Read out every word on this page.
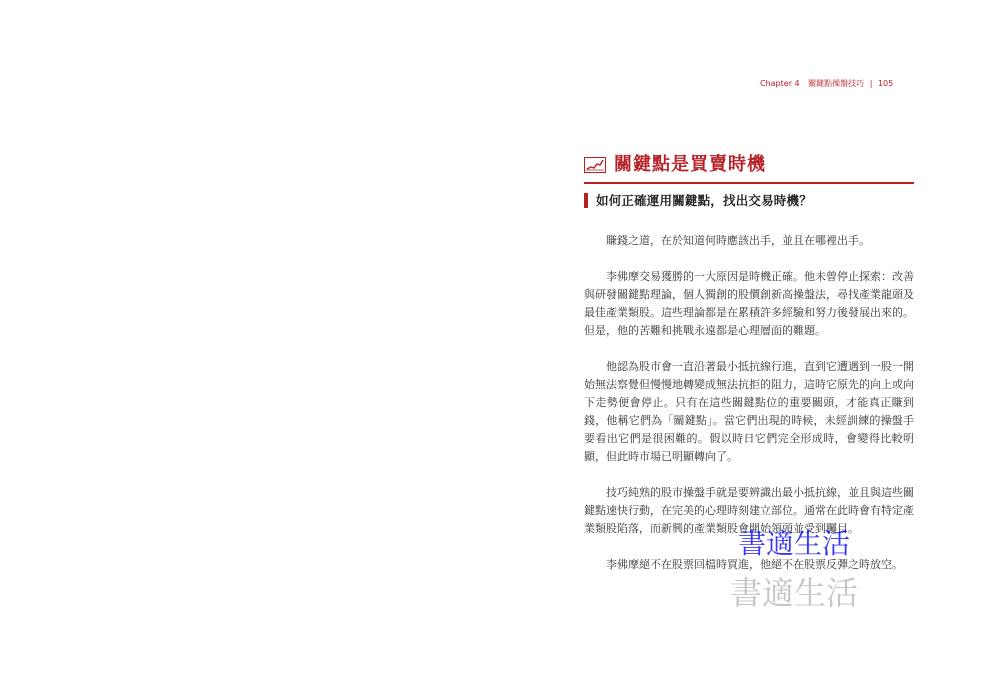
Chapter 4 關鍵點操盤技巧 | 105
關鍵點是買賣時機
如何正確運用關鍵點，找出交易時機？

賺錢之道，在於知道何時應該出手，並且在哪裡出手。

李佛摩交易獲勝的一大原因是時機正確。他未曾停止探索：改善與研發關鍵點理論，個人獨創的股價創新高操盤法，尋找產業龍頭及最佳產業類股。這些理論都是在累積許多經驗和努力後發展出來的。但是，他的苦難和挑戰永遠都是心理層面的難題。

他認為股市會一直沿著最小抵抗線行進，直到它遭遇到一股一開始無法察覺但慢慢地轉變成無法抗拒的阻力，這時它原先的向上或向下走勢便會停止。只有在這些關鍵點位的重要關頭，才能真正賺到錢，他稱它們為「關鍵點」。當它們出現的時候，未經訓練的操盤手要看出它們是很困難的。假以時日它們完全形成時，會變得比較明顯，但此時市場已明顯轉向了。

技巧純熟的股市操盤手就是要辨識出最小抵抗線，並且與這些關鍵點速快行動，在完美的心理時刻建立部位。通常在此時會有特定產業類股陷落，而新興的產業類股會開始領頭並受到矚目。

李佛摩絕不在股票回檔時買進，他絕不在股票反彈之時放空。

書適生活
書適生活
